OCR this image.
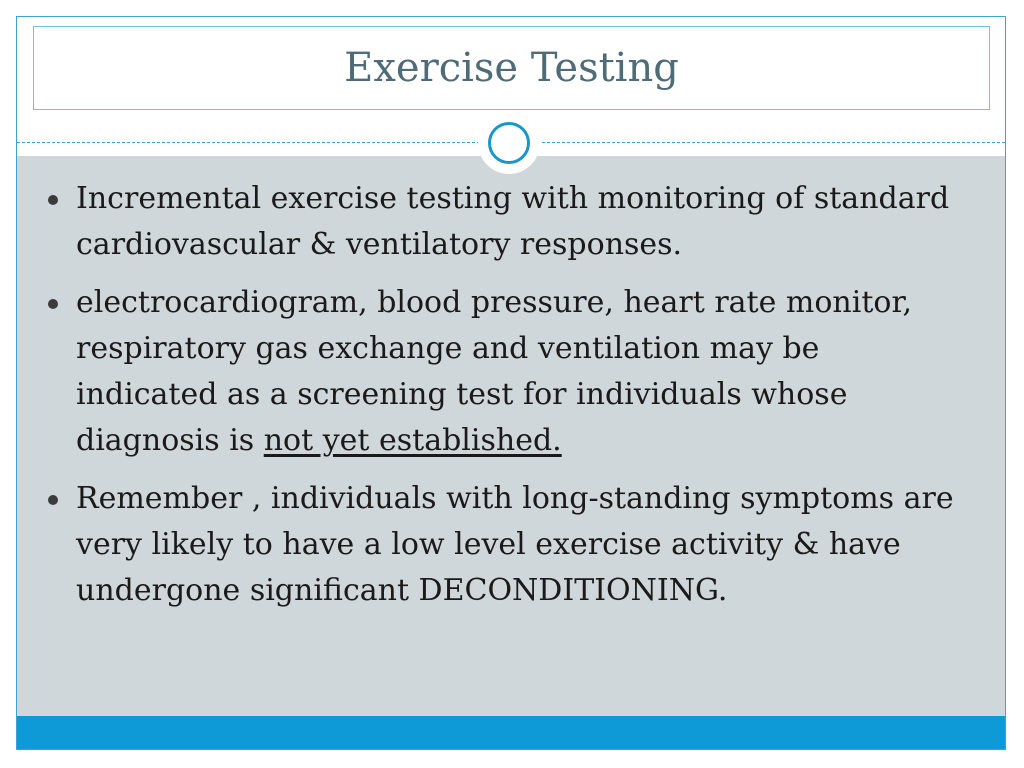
Exercise Testing
Incremental exercise testing with monitoring of standard cardiovascular & ventilatory responses.
electrocardiogram, blood pressure, heart rate monitor, respiratory gas exchange and ventilation may be indicated as a screening test for individuals whose diagnosis is not yet established.
Remember , individuals with long-standing symptoms are very likely to have a low level exercise activity & have undergone significant DECONDITIONING.
